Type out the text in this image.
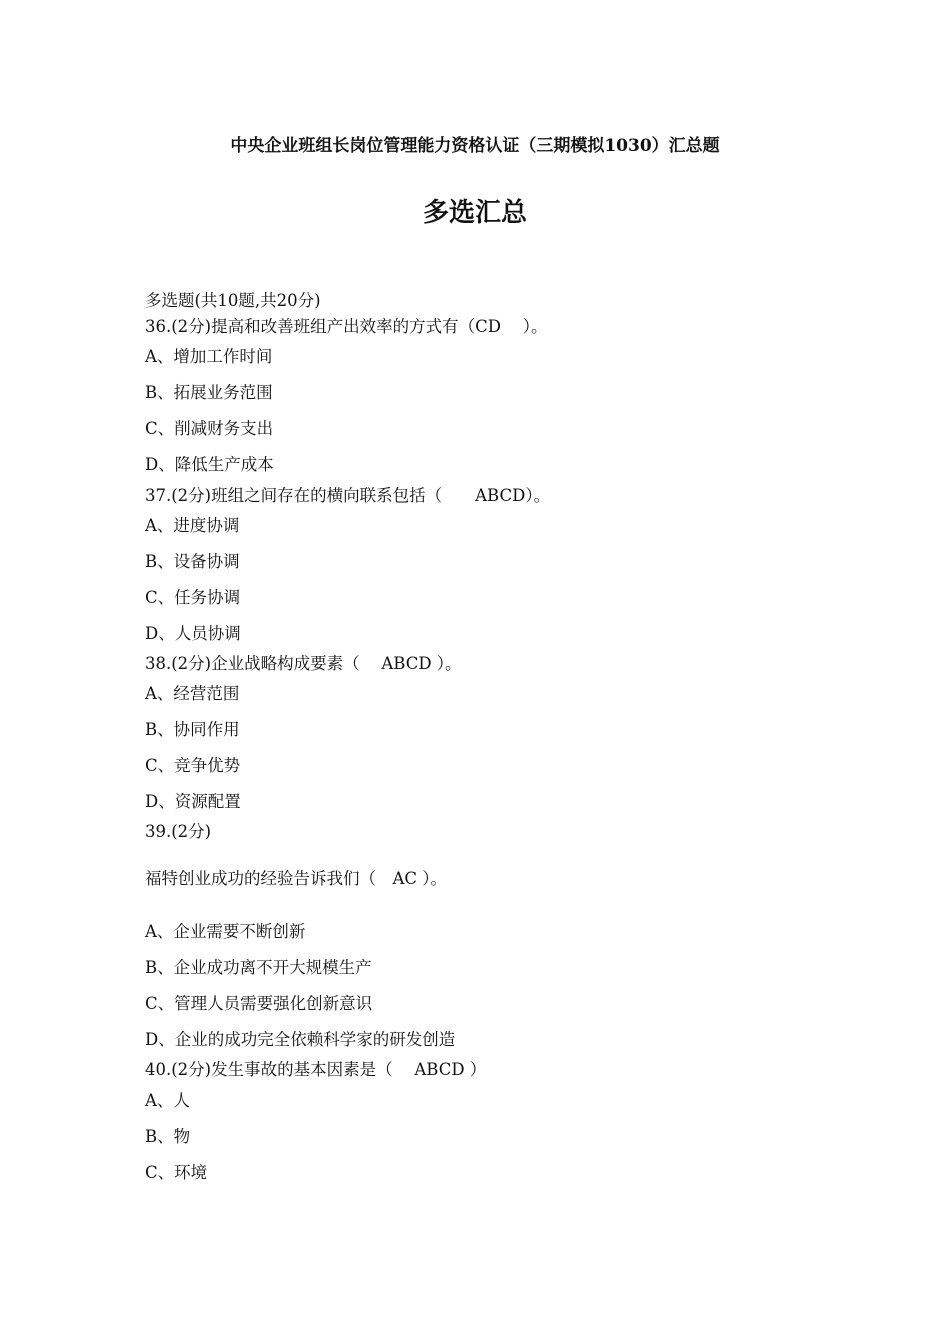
中央企业班组长岗位管理能力资格认证（三期模拟1030）汇总题
多选汇总
多选题(共10题,共20分)
36.(2分)提高和改善班组产出效率的方式有（CD　 ）。
A、增加工作时间
B、拓展业务范围
C、削减财务支出
D、降低生产成本
37.(2分)班组之间存在的横向联系包括（　　ABCD）。
A、进度协调
B、设备协调
C、任务协调
D、人员协调
38.(2分)企业战略构成要素（　 ABCD ）。
A、经营范围
B、协同作用
C、竞争优势
D、资源配置
39.(2分)
福特创业成功的经验告诉我们（　AC ）。
A、企业需要不断创新
B、企业成功离不开大规模生产
C、管理人员需要强化创新意识
D、企业的成功完全依赖科学家的研发创造
40.(2分)发生事故的基本因素是（　 ABCD ）
A、人
B、物
C、环境
